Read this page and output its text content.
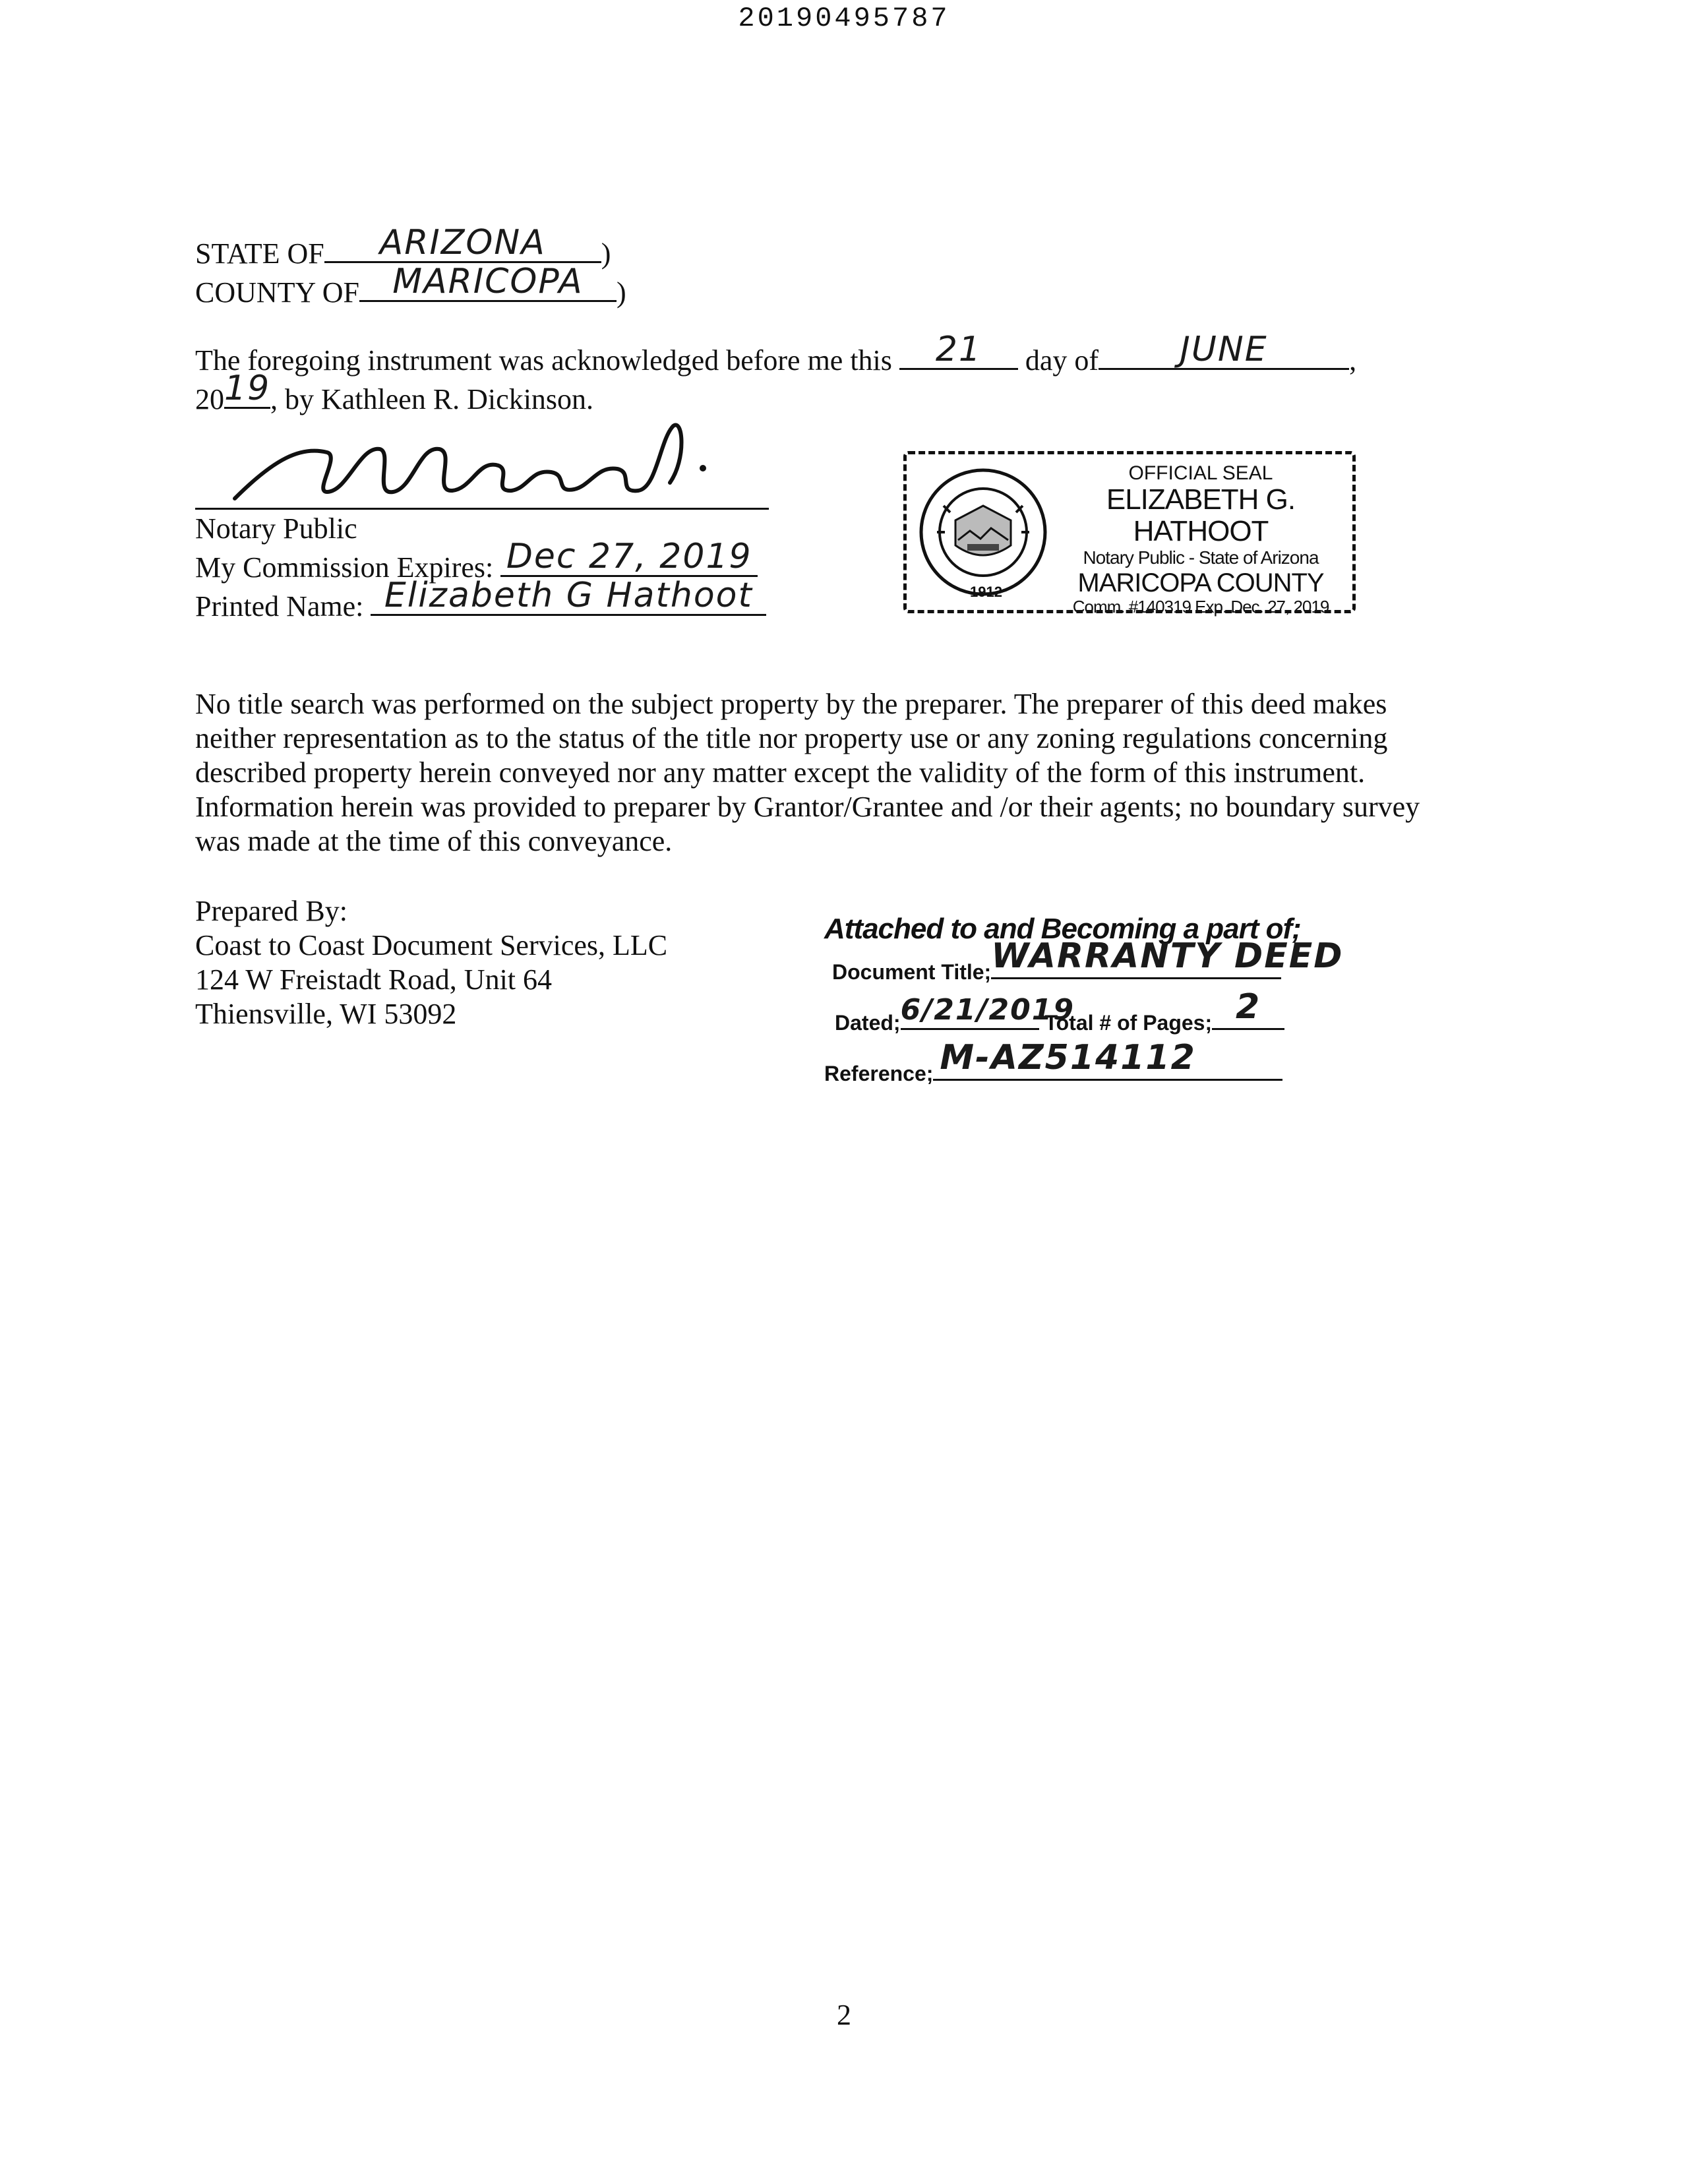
20190495787
STATE OF	ARIZONA	)
COUNTY OF MARICOPA	)
The foregoing instrument was acknowledged before me this	21	day of	JUNE	,
20 19 , by Kathleen R. Dickinson.
Notary Public
My Commission Expires: Dec 27, 2019
Printed Name: Elizabeth G Hathoot	1912
OFFICIAL SEAL
ELIZABETH G. HATHOOT
Notary Public - State of Arizona
MARICOPA COUNTY
Comm. #140319 Exp. Dec. 27, 2019
No title search was performed on the subject property by the preparer. The preparer of this deed makes
neither representation as to the status of the title nor property use or any zoning regulations concerning
described property herein conveyed nor any matter except the validity of the form of this instrument.
Information herein was provided to preparer by Grantor/Grantee and /or their agents; no boundary survey
was made at the time of this conveyance.
Prepared By:
Coast to Coast Document Services, LLC
124 W Freistadt Road, Unit 64
Thiensville, WI 53092
Attached to and Becoming a part of;
Document Title; WARRANTY DEED
Dated; 6/21/2019
Total # of Pages; 2
Reference; M-AZ514112
2
